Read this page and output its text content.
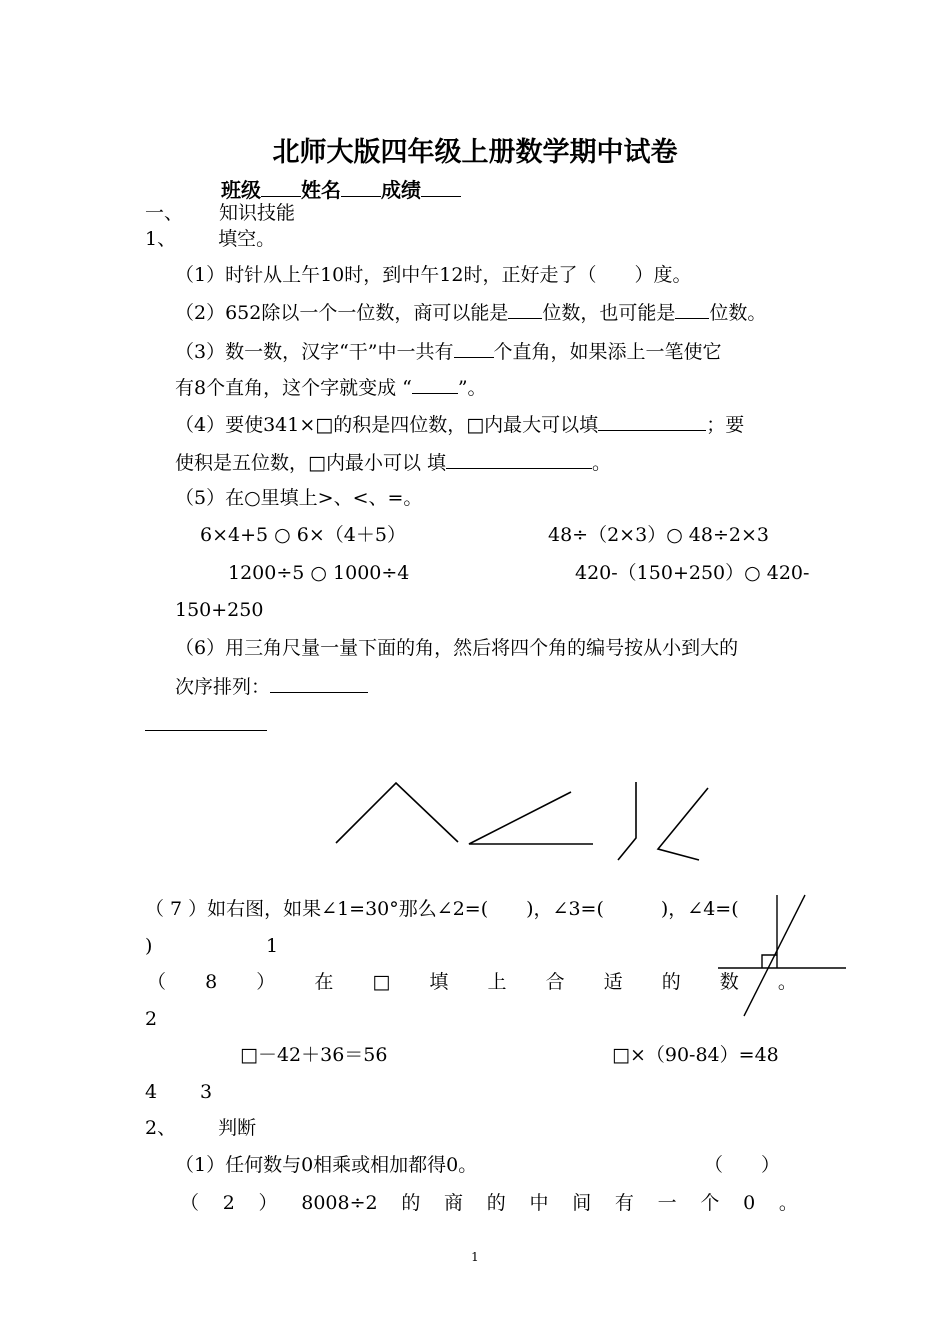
北师大版四年级上册数学期中试卷
班级 姓名 成绩
一、 知识技能
1、 填空。
（1）时针从上午10时，到中午12时，正好走了（　　）度。
（2）652除以一个一位数，商可以能是 位数，也可能是 位数。
（3）数一数，汉字“干”中一共有 个直角，如果添上一笔使它
有8个直角，这个字就变成 “ ”。
（4）要使341×□的积是四位数，□内最大可以填	；要
使积是五位数，□内最小可以 填	。
（5）在○里填上>、<、=。
6×4+5 ○ 6×（4＋5）	48÷（2×3）○ 48÷2×3
1200÷5 ○ 1000÷4	420-（150+250）○ 420-
150+250
（6）用三角尺量一量下面的角，然后将四个角的编号按从小到大的
次序排列：
（ 7 ）如右图，如果∠1=30°那么∠2=(　　)，∠3=(　　　)，∠4=(
)	1
（ 8 ） 在 □ 填 上 合 适 的 数 。
2
□－42＋36＝56	□×（90-84）=48
4 3
2、 判断
（1）任何数与0相乘或相加都得0。	（　　）
（ 2 ） 8008÷2 的 商 的 中 间 有 一 个 0 。
1
